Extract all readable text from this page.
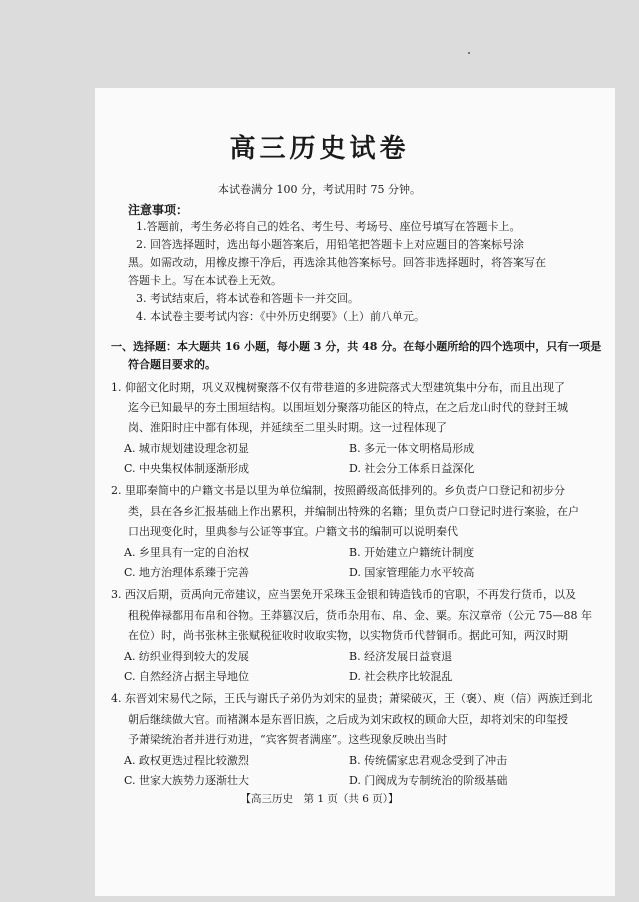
高三历史试卷
本试卷满分 100 分，考试用时 75 分钟。
注意事项：
1.答题前，考生务必将自己的姓名、考生号、考场号、座位号填写在答题卡上。
2. 回答选择题时，选出每小题答案后，用铅笔把答题卡上对应题目的答案标号涂
黑。如需改动，用橡皮擦干净后，再选涂其他答案标号。回答非选择题时，将答案写在
答题卡上。写在本试卷上无效。
3. 考试结束后，将本试卷和答题卡一并交回。
4. 本试卷主要考试内容：《中外历史纲要》（上）前八单元。
一、选择题：本大题共 16 小题，每小题 3 分，共 48 分。在每小题所给的四个选项中，只有一项是
符合题目要求的。
1. 仰韶文化时期，巩义双槐树聚落不仅有带巷道的多进院落式大型建筑集中分布，而且出现了
迄今已知最早的夯土围垣结构。以围垣划分聚落功能区的特点，在之后龙山时代的登封王城
岗、淮阳时庄中都有体现，并延续至二里头时期。这一过程体现了
A. 城市规划建设理念初显	B. 多元一体文明格局形成
C. 中央集权体制逐渐形成	D. 社会分工体系日益深化
2. 里耶秦简中的户籍文书是以里为单位编制，按照爵级高低排列的。乡负责户口登记和初步分
类，县在各乡汇报基础上作出累积，并编制出特殊的名籍；里负责户口登记时进行案验，在户
口出现变化时，里典参与公证等事宜。户籍文书的编制可以说明秦代
A. 乡里具有一定的自治权	B. 开始建立户籍统计制度
C. 地方治理体系臻于完善	D. 国家管理能力水平较高
3. 西汉后期，贡禹向元帝建议，应当罢免开采珠玉金银和铸造钱币的官职，不再发行货币，以及
租税俸禄都用布帛和谷物。王莽篡汉后，货币杂用布、帛、金、粟。东汉章帝（公元 75—88 年
在位）时，尚书张林主张赋税征收时收取实物，以实物货币代替铜币。据此可知，两汉时期
A. 纺织业得到较大的发展	B. 经济发展日益衰退
C. 自然经济占据主导地位	D. 社会秩序比较混乱
4. 东晋刘宋易代之际，王氏与谢氏子弟仍为刘宋的显贵；萧梁破灭，王（褒）、庾（信）两族迁到北
朝后继续做大官。而褚渊本是东晋旧族，之后成为刘宋政权的顾命大臣，却将刘宋的印玺授
予萧梁统治者并进行劝进，“宾客贺者满座”。这些现象反映出当时
A. 政权更迭过程比较激烈	B. 传统儒家忠君观念受到了冲击
C. 世家大族势力逐渐壮大	D. 门阀成为专制统治的阶级基础
【高三历史　第 1 页（共 6 页）】
